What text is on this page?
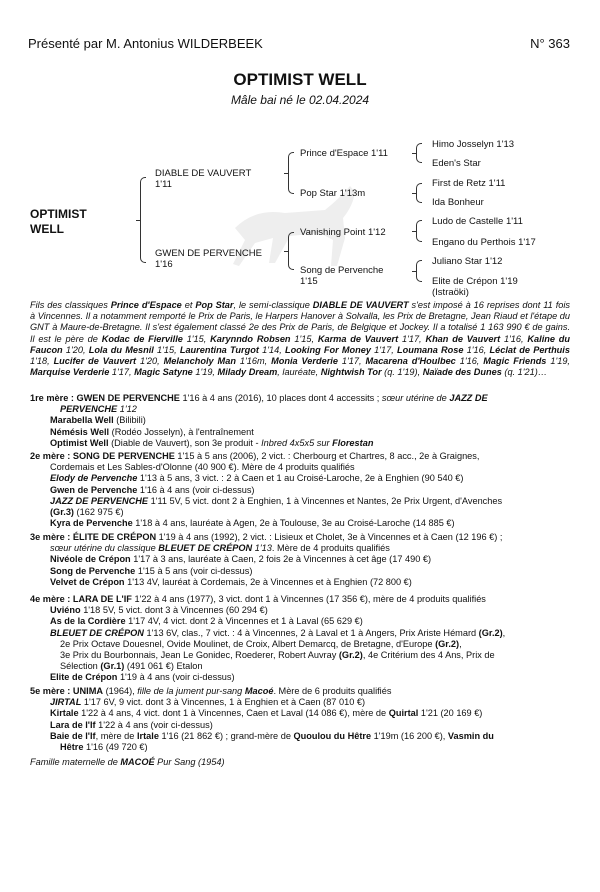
Présenté par M. Antonius WILDERBEEK	N° 363
OPTIMIST WELL
Mâle bai né le 02.04.2024
OPTIMIST
WELL
DIABLE DE VAUVERT
1'11
GWEN DE PERVENCHE
1'16
Prince d'Espace 1'11
Pop Star 1'13m
Vanishing Point 1'12
Song de Pervenche
1'15
Himo Josselyn 1'13
Eden's Star
First de Retz 1'11
Ida Bonheur
Ludo de Castelle 1'11
Engano du Perthois 1'17
Juliano Star 1'12
Elite de Crépon 1'19
(Istraöki)
Fils des classiques Prince d'Espace et Pop Star, le semi-classique DIABLE DE VAUVERT s'est imposé à 16 reprises dont 11 fois à Vincennes. Il a notamment remporté le Prix de Paris, le Harpers Hanover à Solvalla, les Prix de Bretagne, Jean Riaud et l'étape du GNT à Maure-de-Bretagne. Il s'est également classé 2e des Prix de Paris, de Belgique et Jockey. Il a totalisé 1 163 990 € de gains. Il est le père de Kodac de Fierville 1'15, Karynndo Robsen 1'15, Karma de Vauvert 1'17, Khan de Vauvert 1'16, Kaline du Faucon 1'20, Lola du Mesnil 1'15, Laurentina Turgot 1'14, Looking For Money 1'17, Loumana Rose 1'16, Léclat de Perthuis 1'18, Lucifer de Vauvert 1'20, Melancholy Man 1'16m, Monia Verderie 1'17, Macarena d'Houlbec 1'16, Magic Friends 1'19, Marquise Verderie 1'17, Magic Satyne 1'19, Milady Dream, lauréate, Nightwish Tor (q. 1'19), Naïade des Dunes (q. 1'21)…
1re mère : GWEN DE PERVENCHE 1'16 à 4 ans (2016), 10 places dont 4 accessits ; sœur utérine de JAZZ DE
PERVENCHE 1'12
Marabella Well (Bilibili)
Némésis Well (Rodéo Josselyn), à l'entraînement
Optimist Well (Diable de Vauvert), son 3e produit - Inbred 4x5x5 sur Florestan
2e mère : SONG DE PERVENCHE 1'15 à 5 ans (2006), 2 vict. : Cherbourg et Chartres, 8 acc., 2e à Graignes,
Cordemais et Les Sables-d'Olonne (40 900 €). Mère de 4 produits qualifiés
Elody de Pervenche 1'13 à 5 ans, 3 vict. : 2 à Caen et 1 au Croisé-Laroche, 2e à Enghien (90 540 €)
Gwen de Pervenche 1'16 à 4 ans (voir ci-dessus)
JAZZ DE PERVENCHE 1'11 5V, 5 vict. dont 2 à Enghien, 1 à Vincennes et Nantes, 2e Prix Urgent, d'Avenches
(Gr.3) (162 975 €)
Kyra de Pervenche 1'18 à 4 ans, lauréate à Agen, 2e à Toulouse, 3e au Croisé-Laroche (14 885 €)
3e mère : ÉLITE DE CRÉPON 1'19 à 4 ans (1992), 2 vict. : Lisieux et Cholet, 3e à Vincennes et à Caen (12 196 €) ;
sœur utérine du classique BLEUET DE CRÉPON 1'13. Mère de 4 produits qualifiés
Nivéole de Crépon 1'17 à 3 ans, lauréate à Caen, 2 fois 2e à Vincennes à cet âge (17 490 €)
Song de Pervenche 1'15 à 5 ans (voir ci-dessus)
Velvet de Crépon 1'13 4V, lauréat à Cordemais, 2e à Vincennes et à Enghien (72 800 €)
4e mère : LARA DE L'IF 1'22 à 4 ans (1977), 3 vict. dont 1 à Vincennes (17 356 €), mère de 4 produits qualifiés
Uviéno 1'18 5V, 5 vict. dont 3 à Vincennes (60 294 €)
As de la Cordière 1'17 4V, 4 vict. dont 2 à Vincennes et 1 à Laval (65 629 €)
BLEUET DE CRÉPON 1'13 6V, clas., 7 vict. : 4 à Vincennes, 2 à Laval et 1 à Angers, Prix Ariste Hémard (Gr.2),
2e Prix Octave Douesnel, Ovide Moulinet, de Croix, Albert Demarcq, de Bretagne, d'Europe (Gr.2),
3e Prix du Bourbonnais, Jean Le Gonidec, Roederer, Robert Auvray (Gr.2), 4e Critérium des 4 Ans, Prix de
Sélection (Gr.1) (491 061 €) Etalon
Elite de Crépon 1'19 à 4 ans (voir ci-dessus)
5e mère : UNIMA (1964), fille de la jument pur-sang Macoé. Mère de 6 produits qualifiés
JIRTAL 1'17 6V, 9 vict. dont 3 à Vincennes, 1 à Enghien et à Caen (87 010 €)
Kirtale 1'22 à 4 ans, 4 vict. dont 1 à Vincennes, Caen et Laval (14 086 €), mère de Quirtal 1'21 (20 169 €)
Lara de l'If 1'22 à 4 ans (voir ci-dessus)
Baie de l'If, mère de Irtale 1'16 (21 862 €) ; grand-mère de Quoulou du Hêtre 1'19m (16 200 €), Vasmin du
Hêtre 1'16 (49 720 €)
Famille maternelle de MACOÉ Pur Sang (1954)
